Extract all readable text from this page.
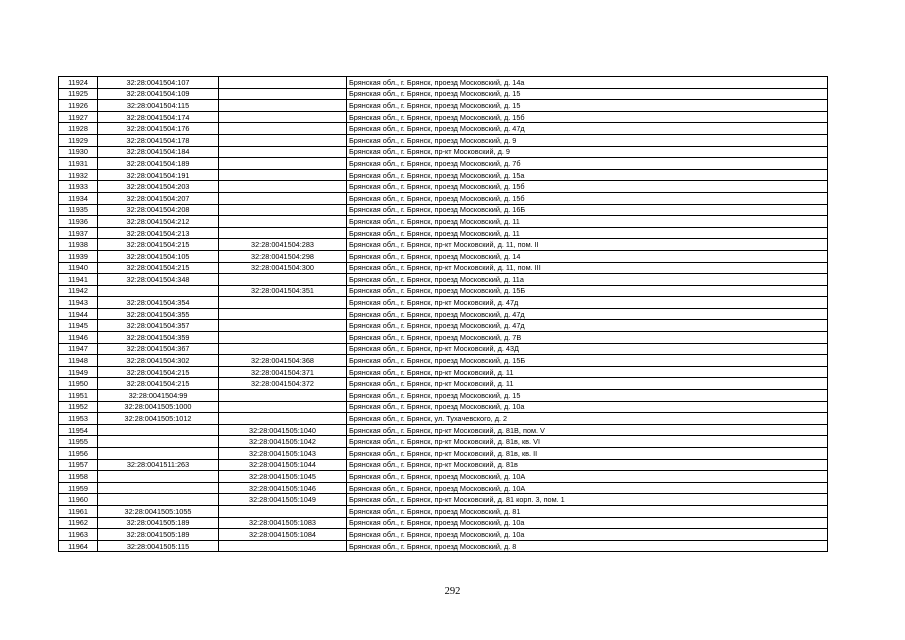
11924	32:28:0041504:107		Брянская обл., г. Брянск, проезд Московский, д. 14а
11925	32:28:0041504:109		Брянская обл., г. Брянск, проезд Московский, д. 15
11926	32:28:0041504:115		Брянская обл., г. Брянск, проезд Московский, д. 15
11927	32:28:0041504:174		Брянская обл., г. Брянск, проезд Московский, д. 15б
11928	32:28:0041504:176		Брянская обл., г. Брянск, проезд Московский, д. 47д
11929	32:28:0041504:178		Брянская обл., г. Брянск, проезд Московский, д. 9
11930	32:28:0041504:184		Брянская обл., г. Брянск, пр-кт Московский, д. 9
11931	32:28:0041504:189		Брянская обл., г. Брянск, проезд Московский, д. 7б
11932	32:28:0041504:191		Брянская обл., г. Брянск, проезд Московский, д. 15а
11933	32:28:0041504:203		Брянская обл., г. Брянск, проезд Московский, д. 15б
11934	32:28:0041504:207		Брянская обл., г. Брянск, проезд Московский, д. 15б
11935	32:28:0041504:208		Брянская обл., г. Брянск, проезд Московский, д. 16Б
11936	32:28:0041504:212		Брянская обл., г. Брянск, проезд Московский, д. 11
11937	32:28:0041504:213		Брянская обл., г. Брянск, проезд Московский, д. 11
11938	32:28:0041504:215	32:28:0041504:283	Брянская обл., г. Брянск, пр-кт Московский, д. 11, пом. II
11939	32:28:0041504:105	32:28:0041504:298	Брянская обл., г. Брянск, проезд Московский, д. 14
11940	32:28:0041504:215	32:28:0041504:300	Брянская обл., г. Брянск, пр-кт Московский, д. 11, пом. III
11941	32:28:0041504:348		Брянская обл., г. Брянск, проезд Московский, д. 11а
11942		32:28:0041504:351	Брянская обл., г. Брянск, проезд Московский, д. 15Б
11943	32:28:0041504:354		Брянская обл., г. Брянск, пр-кт Московский, д. 47д
11944	32:28:0041504:355		Брянская обл., г. Брянск, проезд Московский, д. 47д
11945	32:28:0041504:357		Брянская обл., г. Брянск, проезд Московский, д. 47д
11946	32:28:0041504:359		Брянская обл., г. Брянск, проезд Московский, д. 7В
11947	32:28:0041504:367		Брянская обл., г. Брянск, пр-кт Московский, д. 43Д
11948	32:28:0041504:302	32:28:0041504:368	Брянская обл., г. Брянск, проезд Московский, д. 15Б
11949	32:28:0041504:215	32:28:0041504:371	Брянская обл., г. Брянск, пр-кт Московский, д. 11
11950	32:28:0041504:215	32:28:0041504:372	Брянская обл., г. Брянск, пр-кт Московский, д. 11
11951	32:28:0041504:99		Брянская обл., г. Брянск, проезд Московский, д. 15
11952	32:28:0041505:1000		Брянская обл., г. Брянск, проезд Московский, д. 10а
11953	32:28:0041505:1012		Брянская обл., г. Брянск, ул. Тухачевского, д. 2
11954		32:28:0041505:1040	Брянская обл., г. Брянск, пр-кт Московский, д. 81В, пом. V
11955		32:28:0041505:1042	Брянская обл., г. Брянск, пр-кт Московский, д. 81в, кв. VI
11956		32:28:0041505:1043	Брянская обл., г. Брянск, пр-кт Московский, д. 81в, кв. II
11957	32:28:0041511:263	32:28:0041505:1044	Брянская обл., г. Брянск, пр-кт Московский, д. 81в
11958		32:28:0041505:1045	Брянская обл., г. Брянск, проезд Московский, д. 10А
11959		32:28:0041505:1046	Брянская обл., г. Брянск, проезд Московский, д. 10А
11960		32:28:0041505:1049	Брянская обл., г. Брянск, пр-кт Московский, д. 81 корп. 3, пом. 1
11961	32:28:0041505:1055		Брянская обл., г. Брянск, проезд Московский, д. 81
11962	32:28:0041505:189	32:28:0041505:1083	Брянская обл., г. Брянск, проезд Московский, д. 10а
11963	32:28:0041505:189	32:28:0041505:1084	Брянская обл., г. Брянск, проезд Московский, д. 10а
11964	32:28:0041505:115		Брянская обл., г. Брянск, проезд Московский, д. 8
292
